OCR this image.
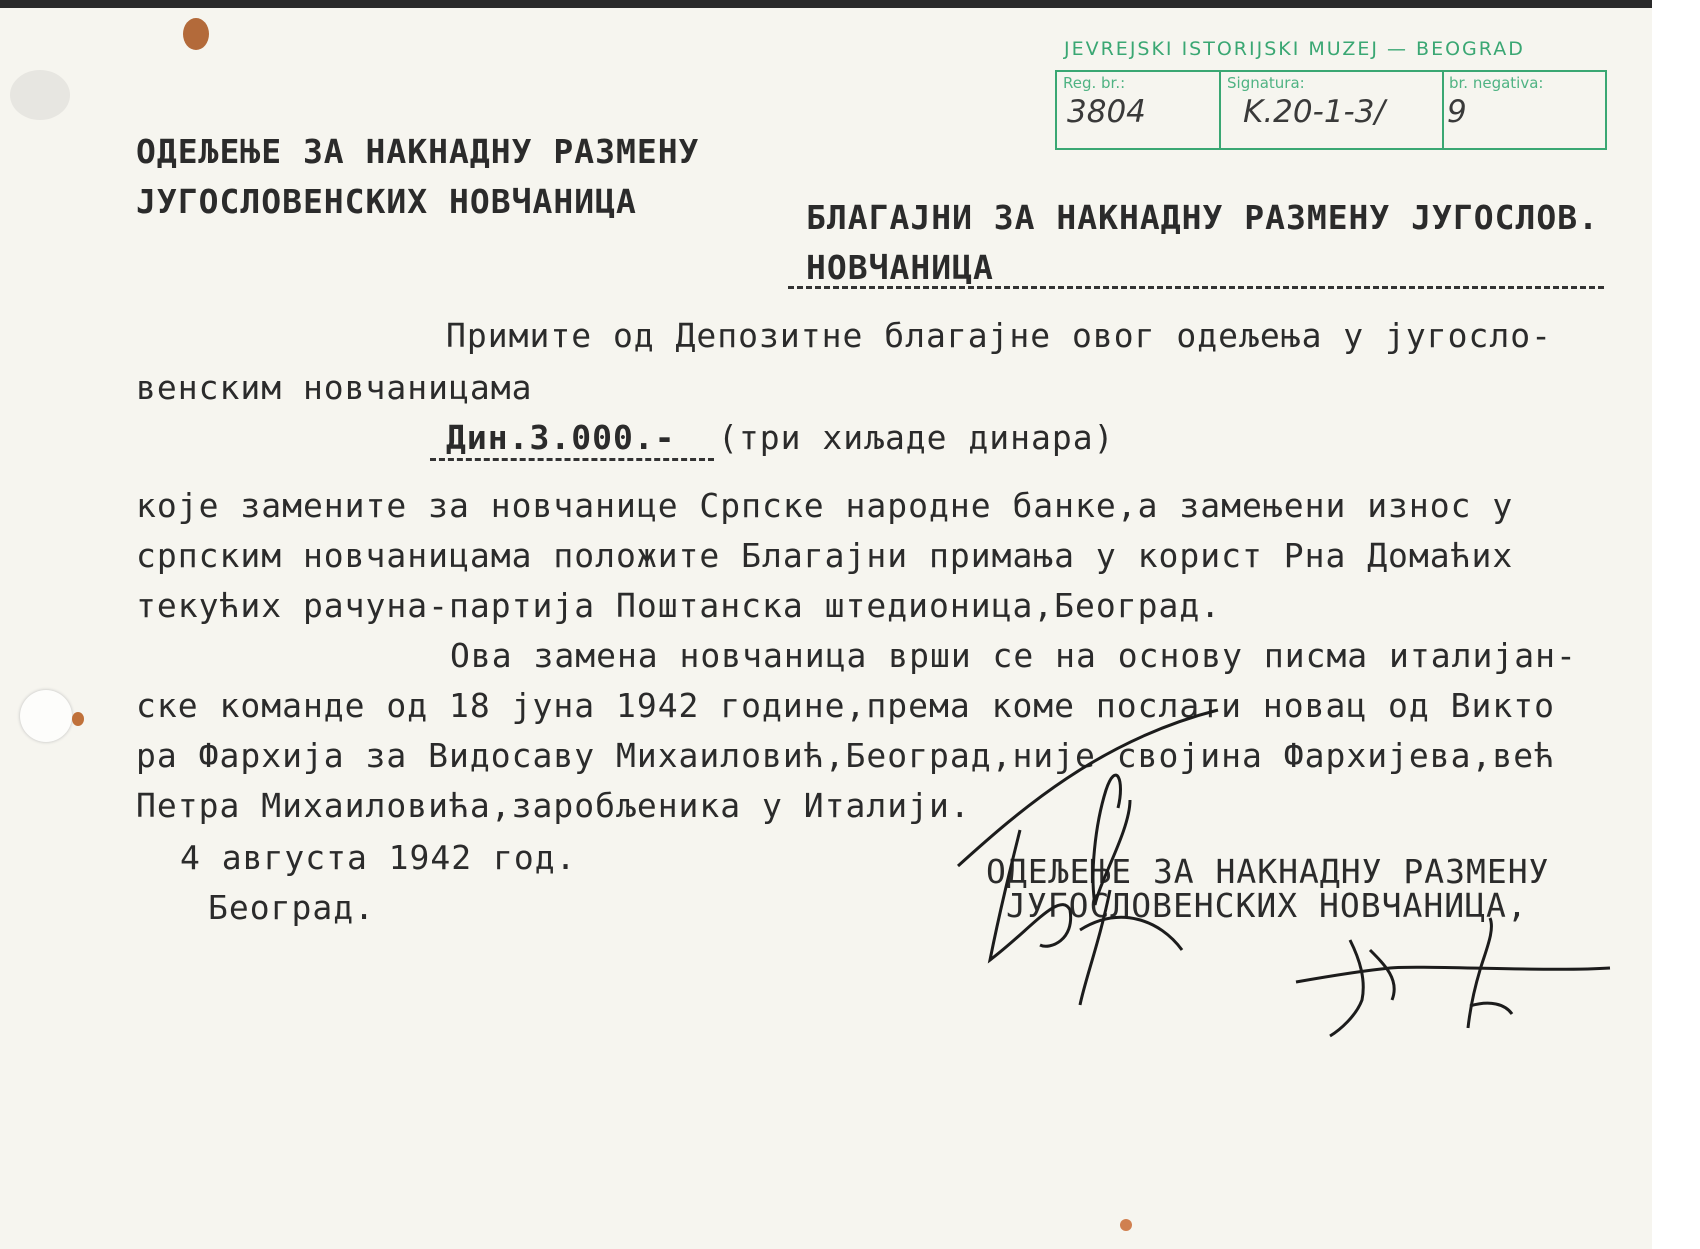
JEVREJSKI ISTORIJSKI MUZEJ — BEOGRAD
Reg. br.:
3804
Signatura:
K.20-1-3/
br. negativa:
9
ОДЕЉЕЊЕ ЗА НАКНАДНУ РАЗМЕНУ
ЈУГОСЛОВЕНСКИХ НОВЧАНИЦА	БЛАГАЈНИ ЗА НАКНАДНУ РАЗМЕНУ ЈУГОСЛОВ.
НОВЧАНИЦА
Примите од Депозитне благајне овог одељења у југосло-
венским новчаницама
Дин.3.000.- (три хиљаде динара)
које замените за новчанице Српске народне банке,а замењени износ у
српским новчаницама положите Благајни примања у корист Рна Домаћих
текућих рачуна-партија Поштанска штедионица,Београд.
Ова замена новчаница врши се на основу писма италијан-
ске команде од 18 јуна 1942 године,према коме послати новац од Викто
ра Фархија за Видосаву Михаиловић,Београд,није својина Фархијева,већ
Петра Михаиловића,заробљеника у Италији.
4 августа 1942 год.
Београд.
ОДЕЉЕЊЕ ЗА НАКНАДНУ РАЗМЕНУ
ЈУГОСЛОВЕНСКИХ НОВЧАНИЦА,
